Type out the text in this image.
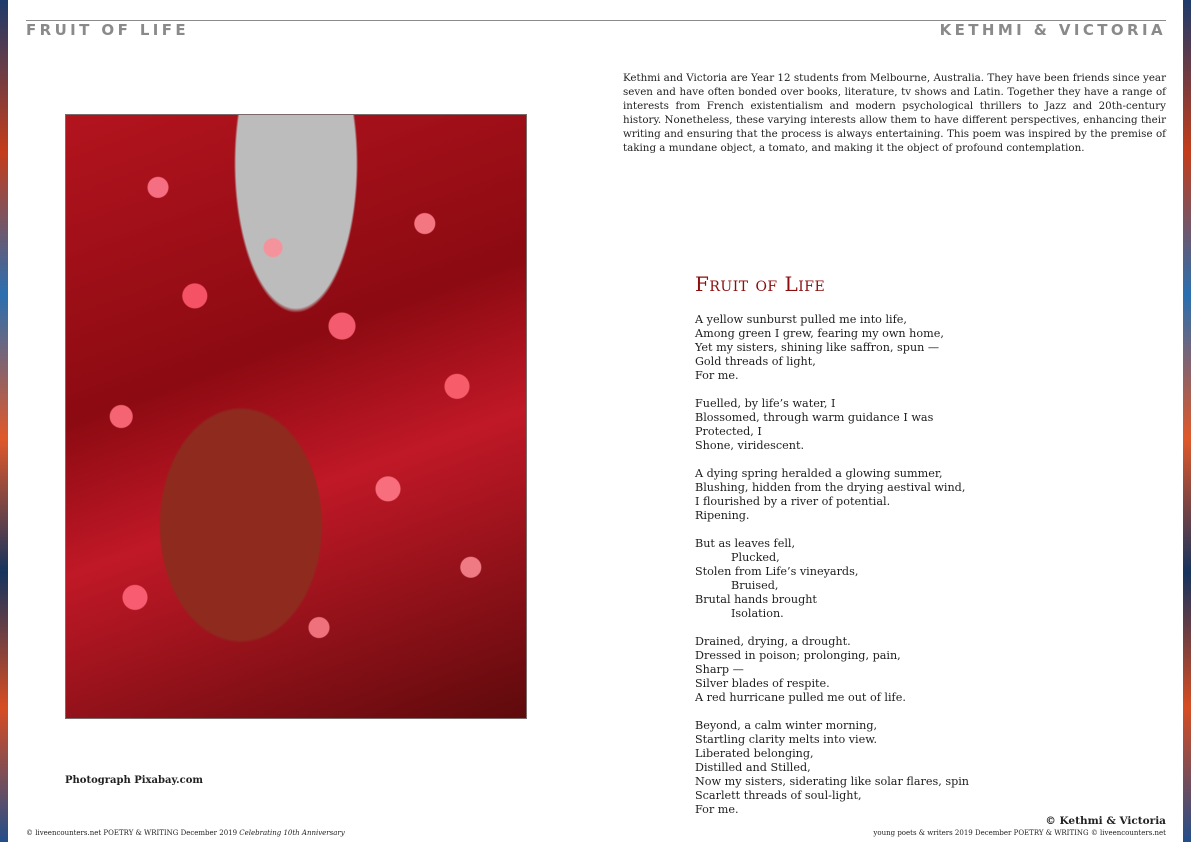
FRUIT OF LIFE	KETHMI & VICTORIA
Photograph Pixabay.com
Kethmi and Victoria are Year 12 students from Melbourne, Australia. They have been friends since year seven and have often bonded over books, literature, tv shows and Latin. Together they have a range of interests from French existentialism and modern psychological thrillers to Jazz and 20th-century history. Nonetheless, these varying interests allow them to have different perspectives, enhancing their writing and ensuring that the process is always entertaining. This poem was inspired by the premise of taking a mundane object, a tomato, and making it the object of profound contemplation.
Fruit of Life
A yellow sunburst pulled me into life,
Among green I grew, fearing my own home,
Yet my sisters, shining like saffron, spun —
Gold threads of light,
For me.
Fuelled, by life’s water, I
Blossomed, through warm guidance I was
Protected, I
Shone, viridescent.
A dying spring heralded a glowing summer,
Blushing, hidden from the drying aestival wind,
I flourished by a river of potential.
Ripening.
But as leaves fell,
Plucked,
Stolen from Life’s vineyards,
Bruised,
Brutal hands brought
Isolation.
Drained, drying, a drought.
Dressed in poison; prolonging, pain,
Sharp —
Silver blades of respite.
A red hurricane pulled me out of life.
Beyond, a calm winter morning,
Startling clarity melts into view.
Liberated belonging,
Distilled and Stilled,
Now my sisters, siderating like solar flares, spin
Scarlett threads of soul-light,
For me.
© Kethmi & Victoria
© liveencounters.net POETRY & WRITING December 2019 Celebrating 10th Anniversary	young poets & writers 2019 December POETRY & WRITING © liveencounters.net
